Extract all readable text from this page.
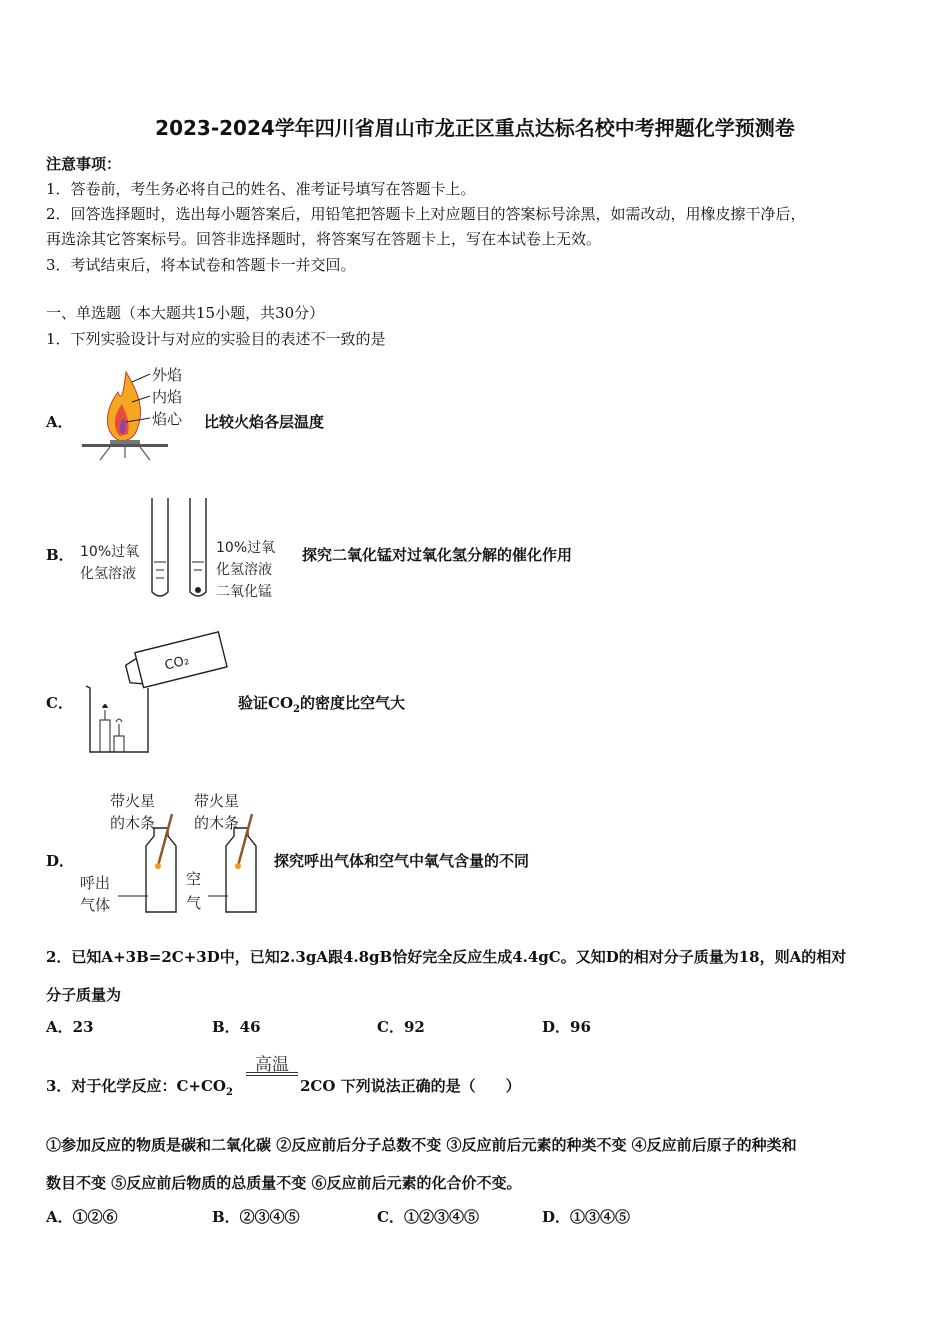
2023-2024学年四川省眉山市龙正区重点达标名校中考押题化学预测卷
注意事项：
1．答卷前，考生务必将自己的姓名、准考证号填写在答题卡上。
2．回答选择题时，选出每小题答案后，用铅笔把答题卡上对应题目的答案标号涂黑，如需改动，用橡皮擦干净后，
再选涂其它答案标号。回答非选择题时，将答案写在答题卡上，写在本试卷上无效。
3．考试结束后，将本试卷和答题卡一并交回。
一、单选题（本大题共15小题，共30分）
1．下列实验设计与对应的实验目的表述不一致的是
A．
外焰
内焰
焰心 比较火焰各层温度
B． 10%过氧
化氢溶液
10%过氧
化氢溶液
二氧化锰
探究二氧化锰对过氧化氢分解的催化作用
C．
CO₂
验证$CO_2$的密度比空气大
D．
带火星
的木条
带火星
的木条
呼出
气体
空
气
探究呼出气体和空气中氧气含量的不同
2．已知A+3B=2C+3D中，已知2.3gA跟4.8gB恰好完全反应生成4.4gC。又知D的相对分子质量为18，则A的相对
分子质量为
A．23	B．46	C．92	D．96
3．对于化学反应：$C+CO_2$
高温
2CO 下列说法正确的是（　　）
①参加反应的物质是碳和二氧化碳 ②反应前后分子总数不变 ③反应前后元素的种类不变 ④反应前后原子的种类和
数目不变 ⑤反应前后物质的总质量不变 ⑥反应前后元素的化合价不变。
A．①②⑥	B．②③④⑤	C．①②③④⑤	D．①③④⑤
